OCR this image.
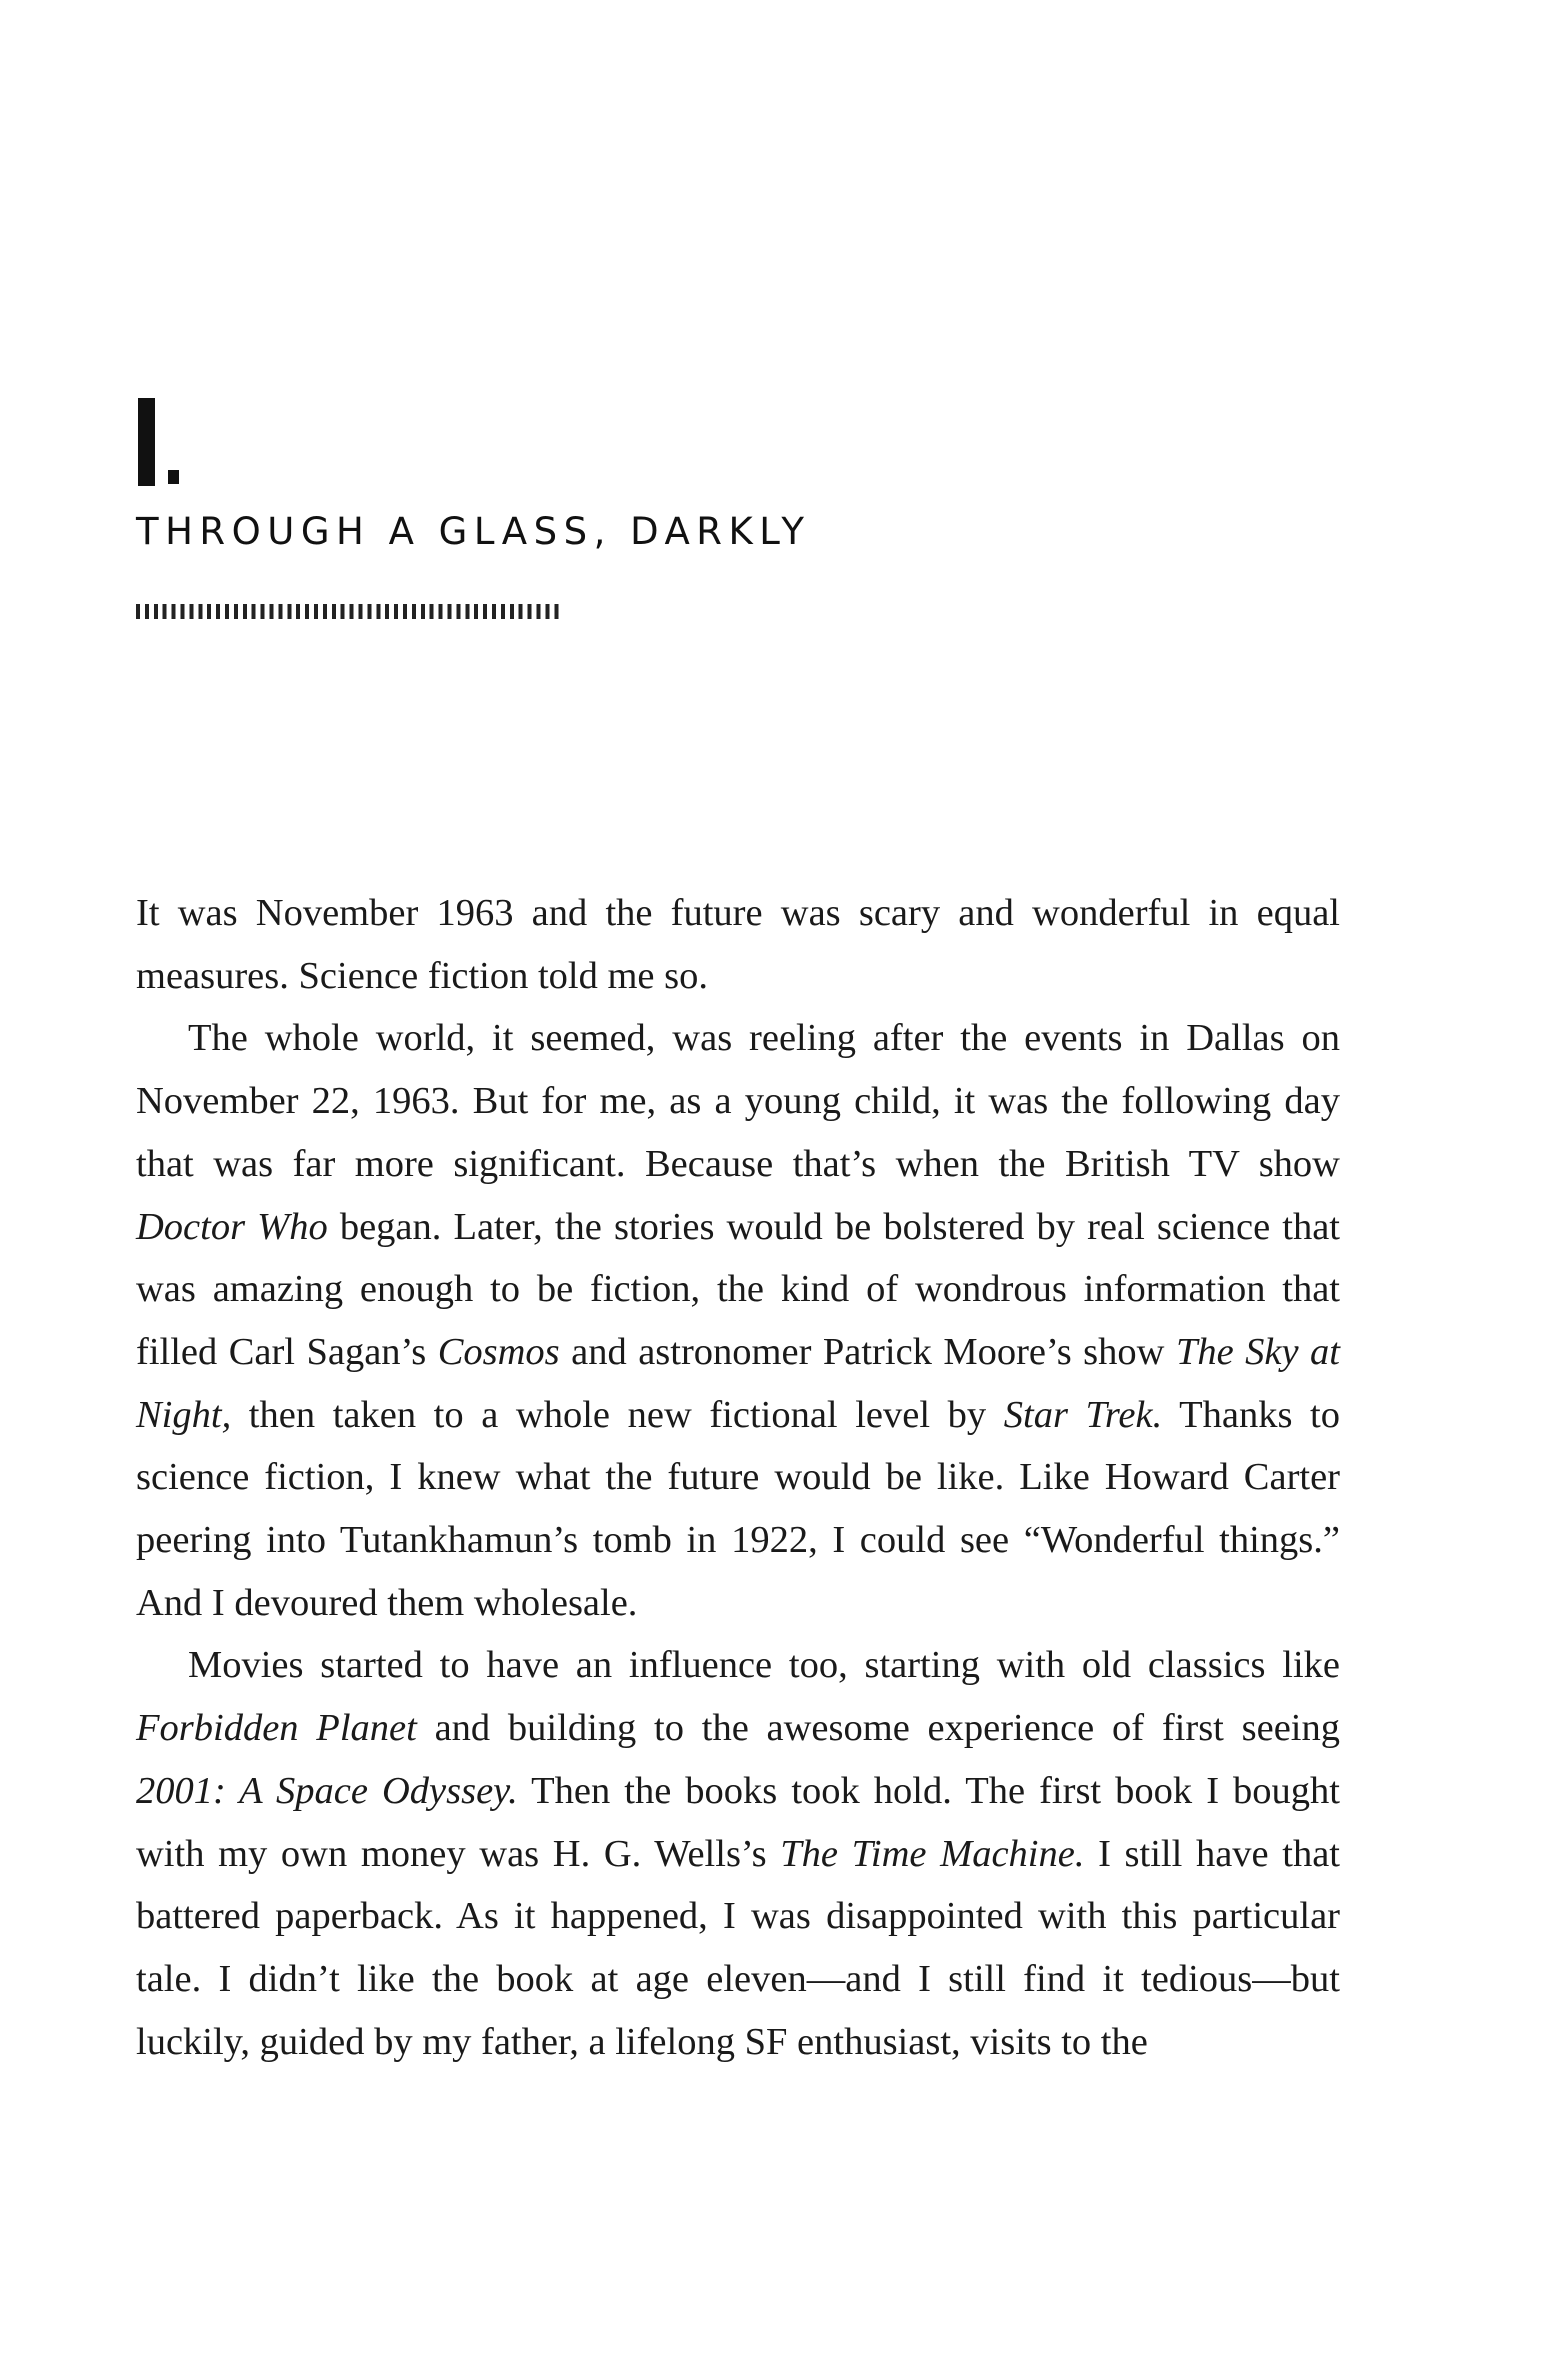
THROUGH A GLASS, DARKLY

It was November 1963 and the future was scary and wonderful in equal measures. Science fiction told me so.

The whole world, it seemed, was reeling after the events in Dallas on November 22, 1963. But for me, as a young child, it was the following day that was far more significant. Because that’s when the British TV show Doctor Who began. Later, the stories would be bolstered by real science that was amazing enough to be fiction, the kind of wondrous information that filled Carl Sagan’s Cosmos and astronomer Patrick Moore’s show The Sky at Night, then taken to a whole new fictional level by Star Trek. Thanks to science fiction, I knew what the future would be like. Like Howard Carter peering into Tutankhamun’s tomb in 1922, I could see “Wonderful things.” And I devoured them wholesale.

Movies started to have an influence too, starting with old classics like Forbidden Planet and building to the awesome experience of first seeing 2001: A Space Odyssey. Then the books took hold. The first book I bought with my own money was H. G. Wells’s The Time Machine. I still have that battered paperback. As it happened, I was disappointed with this particular tale. I didn’t like the book at age eleven—and I still find it tedious—but luckily, guided by my father, a lifelong SF enthusiast, visits to the
